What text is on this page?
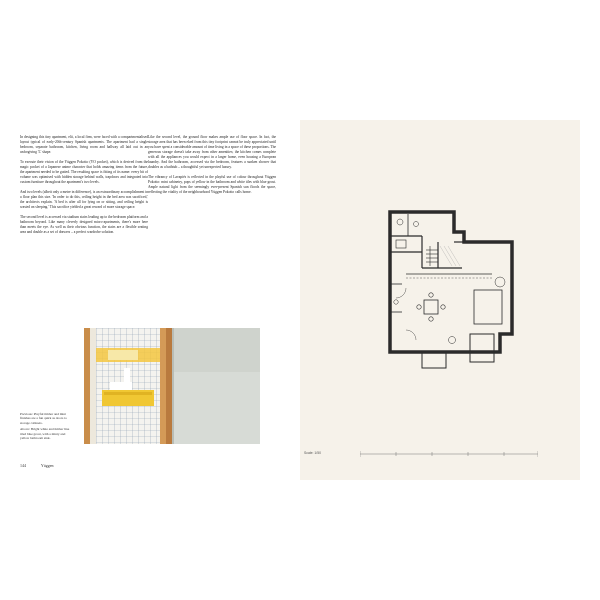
In designing this tiny apartment, elii, a local firm, were faced with a compartmentalised layout typical of early-20th-century Spanish apartments. The apartment had a single bedroom, separate bathroom, kitchen, living room and hallway all laid out in an unforgiving 'L' shape.

To execute their vision of the Yüggen Pokotto (YO pocket), which is derived from the magic pocket of a Japanese anime character that holds amazing items from the future, the apartment needed to be gutted. The resulting space is fitting of its name: every bit of volume was optimised with hidden storage behind walls, trapdoors and integrated into custom furniture throughout the apartment's two levels.

And two levels (albeit only a metre in difference), is an extraordinary accomplishment in a floor plan this size. 'In order to do this, ceiling height in the bed area was sacrificed,' the architects explain. 'A bed is after all for lying on or sitting, and ceiling height is wasted on sleeping.' This sacrifice yielded a great reward of more storage space.

The second level is accessed via studium stairs leading up to the bedroom platform and a bathroom beyond. Like many cleverly designed micro-apartments, there's more here than meets the eye. As well as their obvious function, the stairs are a flexible seating area and double as a set of drawers – a perfect wardrobe solution.

Like the second level, the ground floor makes ample use of floor space. In fact, the storage area that has been eked from this tiny footprint cannot be truly appreciated until you have spent a considerable amount of time living in a space of these proportions. The generous storage doesn't take away from other amenities; the kitchen comes complete with all the appliances you would expect in a larger home, even housing a European laundry. And the bathroom, accessed via the bedroom, features a sunken shower that doubles as a bathtub – a thoughtful yet unexpected luxury.

The vibrancy of Lavapiés is reflected in the playful use of colour throughout Yüggen Pokotto: mint cabinetry, pops of yellow in the bathroom and white tiles with blue grout. Ample natural light from the seemingly ever-present Spanish sun floods the space, reflecting the vitality of the neighbourhood Yüggen Pokotto calls home.

Previous: Playful timber and mint finishes are a fun quirk as doors to storage cabinets.

Above: Bright white and timber line tiled blue grout, with a minty and yellow bathroom sink.

144	Yüggen
Scale: 1/50
